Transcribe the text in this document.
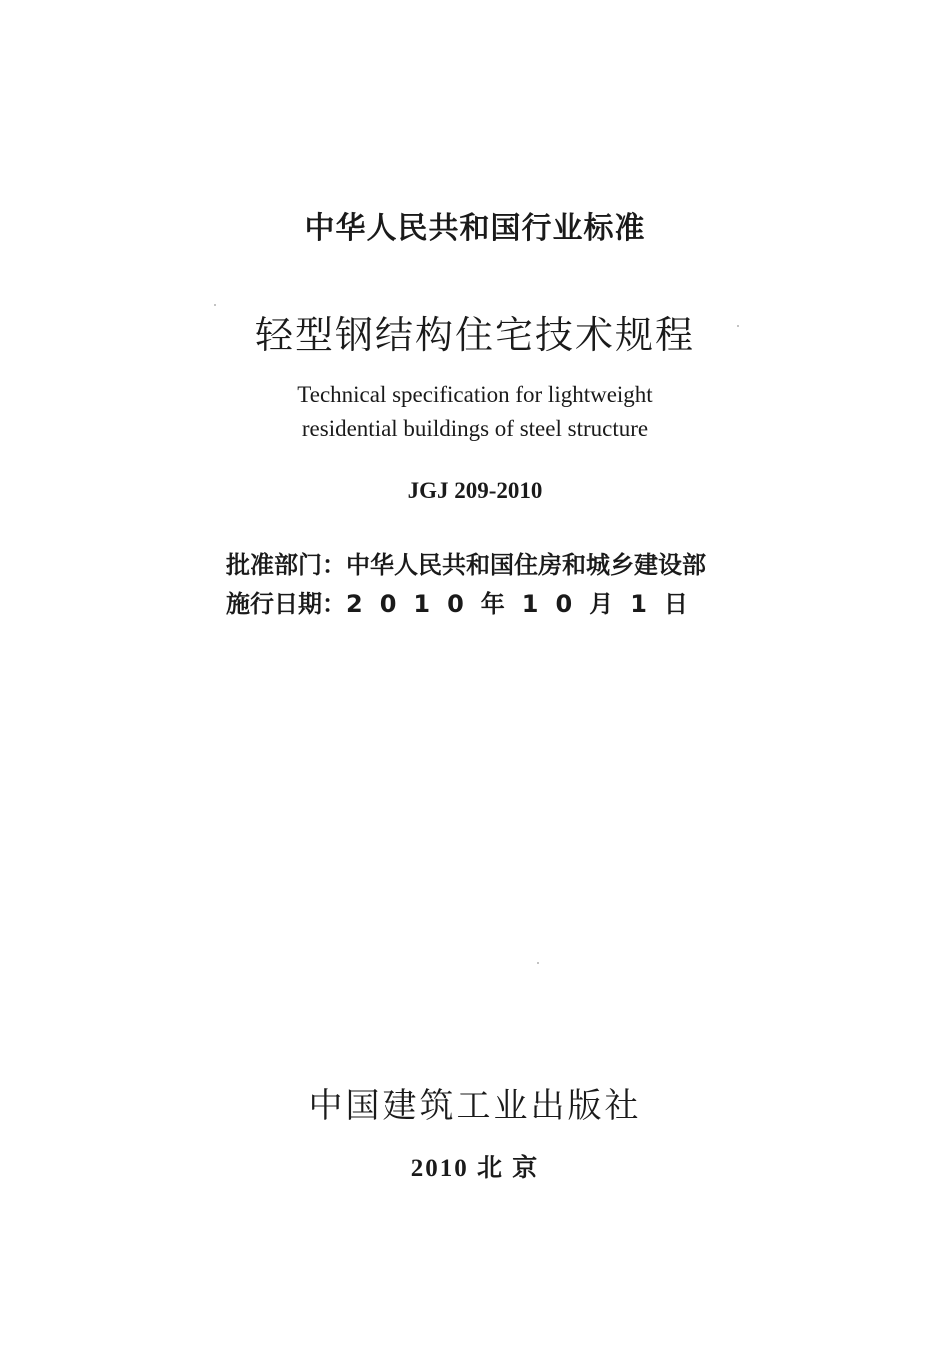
中华人民共和国行业标准
轻型钢结构住宅技术规程
Technical specification for lightweight
residential buildings of steel structure
JGJ 209-2010
批准部门：中华人民共和国住房和城乡建设部
施行日期：2010年10月1日
中国建筑工业出版社
2010 北 京
